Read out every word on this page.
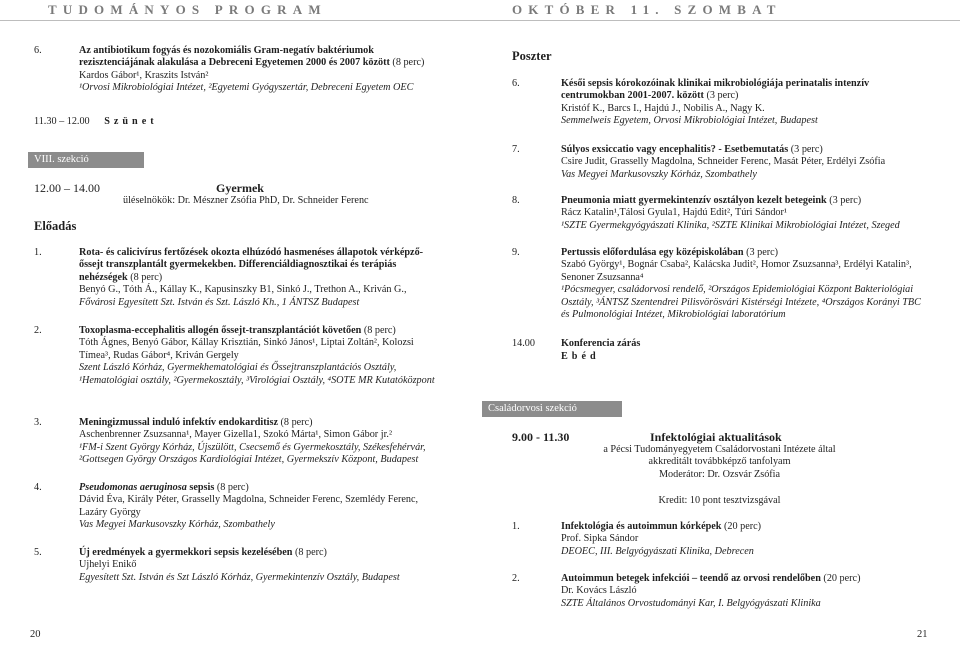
TUDOMÁNYOS PROGRAM
6.	Az antibiotikum fogyás és nozokomiális Gram-negatív baktériumok rezisztenciájának alakulása a Debreceni Egyetemen 2000 és 2007 között (8 perc)
Kardos Gábor¹, Kraszits István²
¹Orvosi Mikrobiológiai Intézet, ²Egyetemi Gyógyszertár, Debreceni Egyetem OEC
11.30 – 12.00 Szünet
VIII. szekció
12.00 – 14.00	Gyermek
üléselnökök: Dr. Mészner Zsófia PhD, Dr. Schneider Ferenc
Előadás
1.	Rota- és calicivírus fertőzések okozta elhúzódó hasmenéses állapotok vérképző-őssejt transzplantált gyermekekben. Differenciáldiagnosztikai és terápiás nehézségek (8 perc)
Benyó G., Tóth Á., Kállay K., Kapusinszky B1, Sinkó J., Trethon A., Kriván G.,
Fővárosi Egyesített Szt. István és Szt. László Kh., 1 ÁNTSZ Budapest
2.	Toxoplasma-eccephalitis allogén őssejt-transzplantációt követően (8 perc)
Tóth Ágnes, Benyó Gábor, Kállay Krisztián, Sinkó János¹, Liptai Zoltán², Kolozsi Tímea³, Rudas Gábor⁴, Kriván Gergely
Szent László Kórház, Gyermekhematológiai és Őssejtranszplantációs Osztály, ¹Hematológiai osztály, ²Gyermekosztály, ³Virológiai Osztály, ⁴SOTE MR Kutatóközpont
3.	Meningizmussal induló infektív endokarditisz (8 perc)
Aschenbrenner Zsuzsanna¹, Mayer Gizella1, Szokó Márta¹, Simon Gábor jr.²
¹FM-i Szent György Kórház, Újszülött, Csecsemő és Gyermekosztály, Székesfehérvár, ²Gottsegen György Országos Kardiológiai Intézet, Gyermekszív Központ, Budapest
4.	Pseudomonas aeruginosa sepsis (8 perc)
Dávid Éva, Király Péter, Grasselly Magdolna, Schneider Ferenc, Szemlédy Ferenc, Lazáry György
Vas Megyei Markusovszky Kórház, Szombathely
5.	Új eredmények a gyermekkori sepsis kezelésében (8 perc)
Ujhelyi Enikő
Egyesített Szt. István és Szt László Kórház, Gyermekintenzív Osztály, Budapest
20
OKTÓBER 11. SZOMBAT
Poszter
6.	Késői sepsis kórokozóinak klinikai mikrobiológiája perinatalis intenzív centrumokban 2001-2007. között (3 perc)
Kristóf K., Barcs I., Hajdú J., Nobilis A., Nagy K.
Semmelweis Egyetem, Orvosi Mikrobiológiai Intézet, Budapest
7.	Súlyos exsiccatio vagy encephalitis? - Esetbemutatás (3 perc)
Csire Judit, Grasselly Magdolna, Schneider Ferenc, Masát Péter, Erdélyi Zsófia
Vas Megyei Markusovszky Kórház, Szombathely
8.	Pneumonia miatt gyermekintenzív osztályon kezelt betegeink (3 perc)
Rácz Katalin¹,Tálosi Gyula1, Hajdú Edit², Túri Sándor¹
¹SZTE Gyermekgyógyászati Klinika, ²SZTE Klinikai Mikrobiológiai Intézet, Szeged
9.	Pertussis előfordulása egy középiskolában (3 perc)
Szabó György¹, Bognár Csaba², Kalácska Judit², Homor Zsuzsanna³, Erdélyi Katalin³, Senoner Zsuzsanna⁴
¹Pócsmegyer, családorvosi rendelő, ²Országos Epidemiológiai Központ Bakteriológiai Osztály, ³ÁNTSZ Szentendrei Pilisvörösvári Kistérségi Intézete, ⁴Országos Korányi TBC és Pulmonológiai Intézet, Mikrobiológiai laboratórium
14.00	Konferencia zárás
Ebéd
Családorvosi szekció
9.00 - 11.30	Infektológiai aktualitások
a Pécsi Tudományegyetem Családorvostani Intézete által
akkreditált továbbképző tanfolyam
Moderátor: Dr. Ozsvár Zsófia
Kredit: 10 pont tesztvizsgával
1.	Infektológia és autoimmun kórképek (20 perc)
Prof. Sipka Sándor
DEOEC, III. Belgyógyászati Klinika, Debrecen
2.	Autoimmun betegek infekciói – teendő az orvosi rendelőben (20 perc)
Dr. Kovács László
SZTE Általános Orvostudományi Kar, I. Belgyógyászati Klinika
21
